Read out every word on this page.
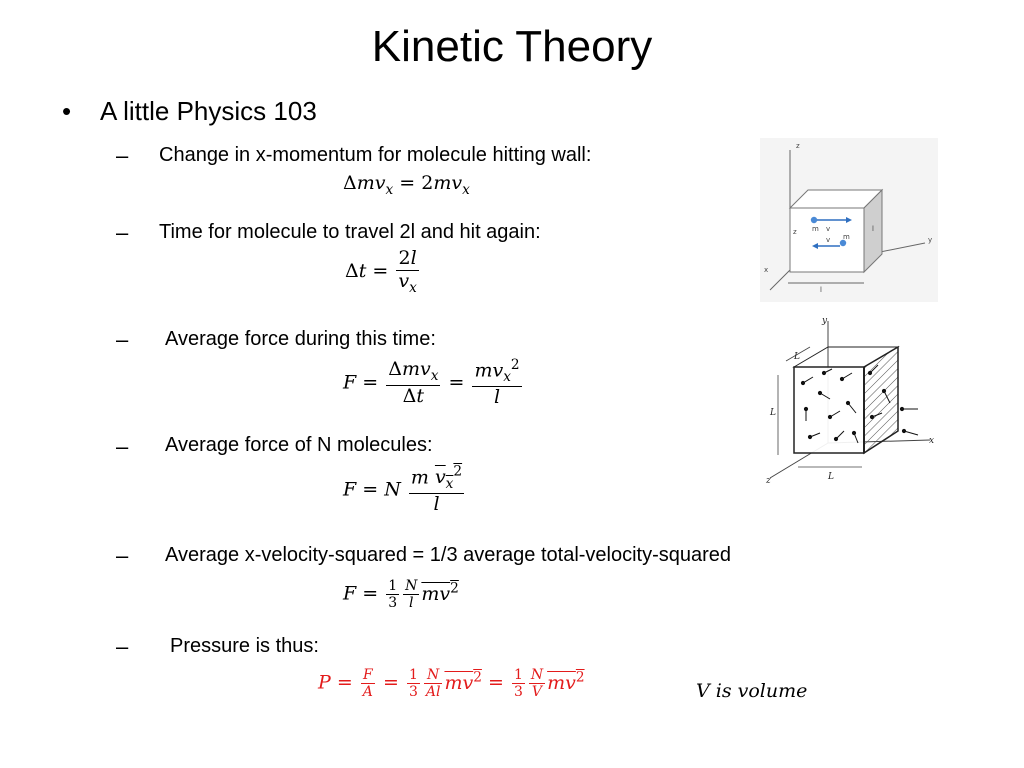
Kinetic Theory
• A little Physics 103
–
–
–
–
–
–
Change in x-momentum for molecule hitting wall:
Time for molecule to travel 2l and hit again:
Average force during this time:
Average force of N molecules:
Average x-velocity-squared = 1/3 average total-velocity-squared
Pressure is thus:
$\Delta mv_x = 2mv_x$
$\Delta t = \frac{2l}{v_x}$
$F = \frac{\Delta mv_x}{\Delta t} = \frac{mv_x^2}{l}$
F = N $\frac{m v_x^2}{l}$
$F = \frac{1}{3} \frac{N}{l} mv^2$
$P = \frac{F}{A} = \frac{1}{3} \frac{N}{Al} mv^2 = \frac{1}{3} \frac{N}{V} mv^2$
V is volume
z
y
x
z	l
m v
v m
l
y
x
z
L
L
L
